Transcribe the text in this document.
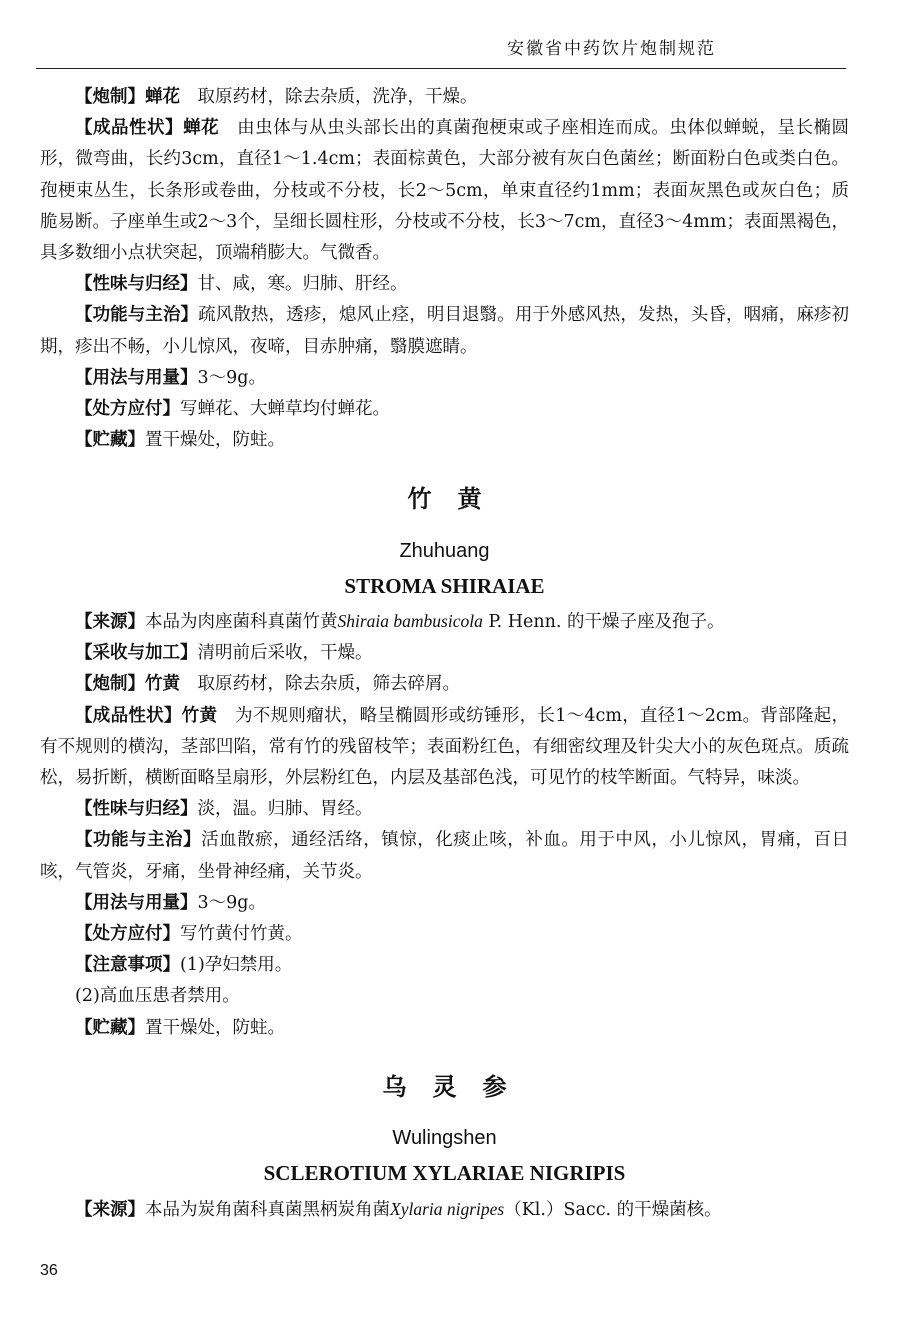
安徽省中药饮片炮制规范

【炮制】蝉花　取原药材，除去杂质，洗净，干燥。

【成品性状】蝉花　由虫体与从虫头部长出的真菌孢梗束或子座相连而成。虫体似蝉蜕，呈长椭圆形，微弯曲，长约3cm，直径1～1.4cm；表面棕黄色，大部分被有灰白色菌丝；断面粉白色或类白色。孢梗束丛生，长条形或卷曲，分枝或不分枝，长2～5cm，单束直径约1mm；表面灰黑色或灰白色；质脆易断。子座单生或2～3个，呈细长圆柱形，分枝或不分枝，长3～7cm，直径3～4mm；表面黑褐色，具多数细小点状突起，顶端稍膨大。气微香。

【性味与归经】甘、咸，寒。归肺、肝经。

【功能与主治】疏风散热，透疹，熄风止痉，明目退翳。用于外感风热，发热，头昏，咽痛，麻疹初期，疹出不畅，小儿惊风，夜啼，目赤肿痛，翳膜遮睛。

【用法与用量】3～9g。

【处方应付】写蝉花、大蝉草均付蝉花。

【贮藏】置干燥处，防蛀。

竹黄
Zhuhuang
STROMA SHIRAIAE

【来源】本品为肉座菌科真菌竹黄Shiraia bambusicola P. Henn. 的干燥子座及孢子。

【采收与加工】清明前后采收，干燥。

【炮制】竹黄　取原药材，除去杂质，筛去碎屑。

【成品性状】竹黄　为不规则瘤状，略呈椭圆形或纺锤形，长1～4cm，直径1～2cm。背部隆起，有不规则的横沟，茎部凹陷，常有竹的残留枝竿；表面粉红色，有细密纹理及针尖大小的灰色斑点。质疏松，易折断，横断面略呈扇形，外层粉红色，内层及基部色浅，可见竹的枝竿断面。气特异，味淡。

【性味与归经】淡，温。归肺、胃经。

【功能与主治】活血散瘀，通经活络，镇惊，化痰止咳，补血。用于中风，小儿惊风，胃痛，百日咳，气管炎，牙痛，坐骨神经痛，关节炎。

【用法与用量】3～9g。

【处方应付】写竹黄付竹黄。

【注意事项】(1)孕妇禁用。

(2)高血压患者禁用。

【贮藏】置干燥处，防蛀。

乌灵参
Wulingshen
SCLEROTIUM XYLARIAE NIGRIPIS

【来源】本品为炭角菌科真菌黑柄炭角菌Xylaria nigripes（Kl.）Sacc. 的干燥菌核。

36
